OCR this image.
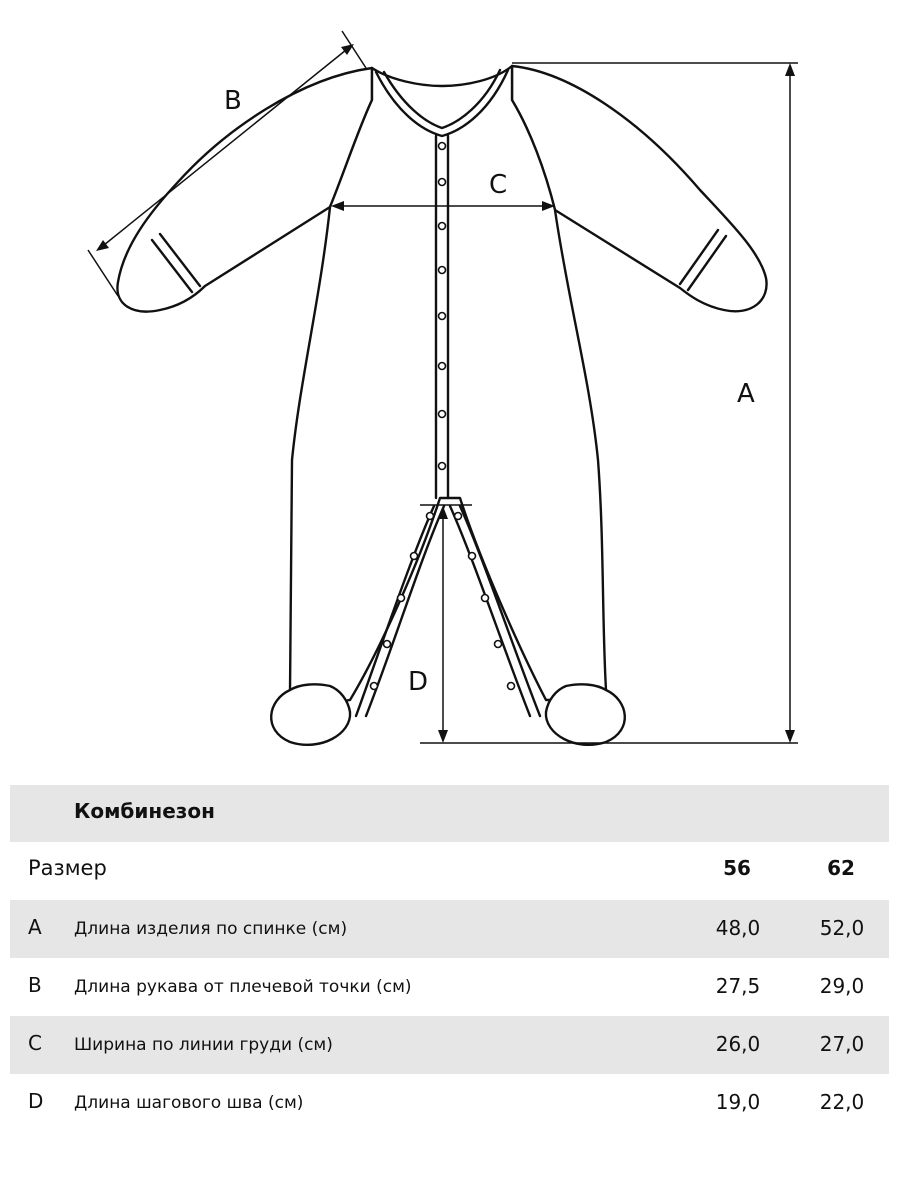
A
B
C
D
Комбинезон
Размер	56	62
A Длина изделия по спинке (см)	48,0	52,0
B Длина рукава от плечевой точки (см)	27,5	29,0
C Ширина по линии груди (см)	26,0	27,0
D Длина шагового шва (см)	19,0	22,0
